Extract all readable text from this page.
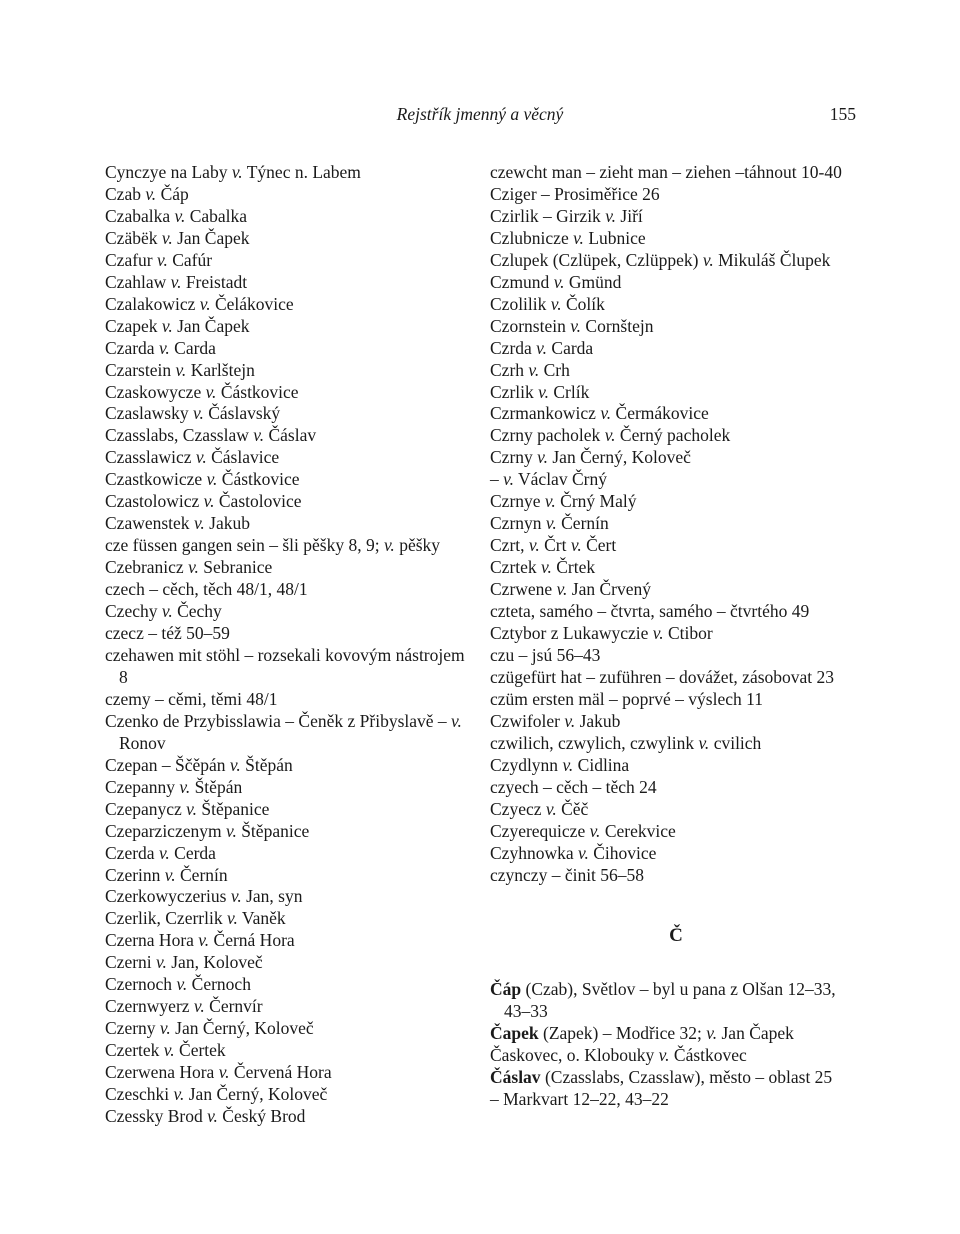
Rejstřík jmenný a věcný	155
Cynczye na Laby v. Týnec n. Labem
Czab v. Čáp
Czabalka v. Cabalka
Czäbëk v. Jan Čapek
Czafur v. Cafúr
Czahlaw v. Freistadt
Czalakowicz v. Čelákovice
Czapek v. Jan Čapek
Czarda v. Carda
Czarstein v. Karlštejn
Czaskowycze v. Částkovice
Czaslawsky v. Čáslavský
Czasslabs, Czasslaw v. Čáslav
Czasslawicz v. Čáslavice
Czastkowicze v. Částkovice
Czastolowicz v. Častolovice
Czawenstek v. Jakub
cze füssen gangen sein – šli pěšky 8, 9; v. pěšky
Czebranicz v. Sebranice
czech – cěch, těch 48/1, 48/1
Czechy v. Čechy
czecz – též 50–59
czehawen mit stöhl – rozsekali kovovým nástrojem 8
czemy – cěmi, těmi 48/1
Czenko de Przybisslawia – Čeněk z Přibyslavě – v. Ronov
Czepan – Ščěpán v. Štěpán
Czepanny v. Štěpán
Czepanycz v. Štěpanice
Czeparziczenym v. Štěpanice
Czerda v. Cerda
Czerinn v. Černín
Czerkowyczerius v. Jan, syn
Czerlik, Czerrlik v. Vaněk
Czerna Hora v. Černá Hora
Czerni v. Jan, Koloveč
Czernoch v. Černoch
Czernwyerz v. Černvír
Czerny v. Jan Černý, Koloveč
Czertek v. Čertek
Czerwena Hora v. Červená Hora
Czeschki v. Jan Černý, Koloveč
Czessky Brod v. Český Brod
czewcht man – zieht man – ziehen –táhnout 10-40
Cziger – Prosiměřice 26
Czirlik – Girzik v. Jiří
Czlubnicze v. Lubnice
Czlupek (Czlüpek, Czlüppek) v. Mikuláš Člupek
Czmund v. Gmünd
Czolilik v. Čolík
Czornstein v. Cornštejn
Czrda v. Carda
Czrh v. Crh
Czrlik v. Crlík
Czrmankowicz v. Čermákovice
Czrny pacholek v. Černý pacholek
Czrny v. Jan Černý, Koloveč
– v. Václav Črný
Czrnye v. Črný Malý
Czrnyn v. Černín
Czrt, v. Črt v. Čert
Czrtek v. Črtek
Czrwene v. Jan Črvený
czteta, samého – čtvrta, samého – čtvrtého 49
Cztybor z Lukawyczie v. Ctibor
czu – jsú 56–43
czügefürt hat – zuführen – dovážet, zásobovat 23
czüm ersten mäl – poprvé – výslech 11
Czwifoler v. Jakub
czwilich, czwylich, czwylink v. cvilich
Czydlynn v. Cidlina
czyech – cěch – těch 24
Czyecz v. Čěč
Czyerequicze v. Cerekvice
Czyhnowka v. Čihovice
czynczy – činit 56–58
Č
Čáp (Czab), Světlov – byl u pana z Olšan 12–33, 43–33
Čapek (Zapek) – Modřice 32; v. Jan Čapek
Časkovec, o. Klobouky v. Částkovec
Čáslav (Czasslabs, Czasslaw), město – oblast 25
– Markvart 12–22, 43–22
